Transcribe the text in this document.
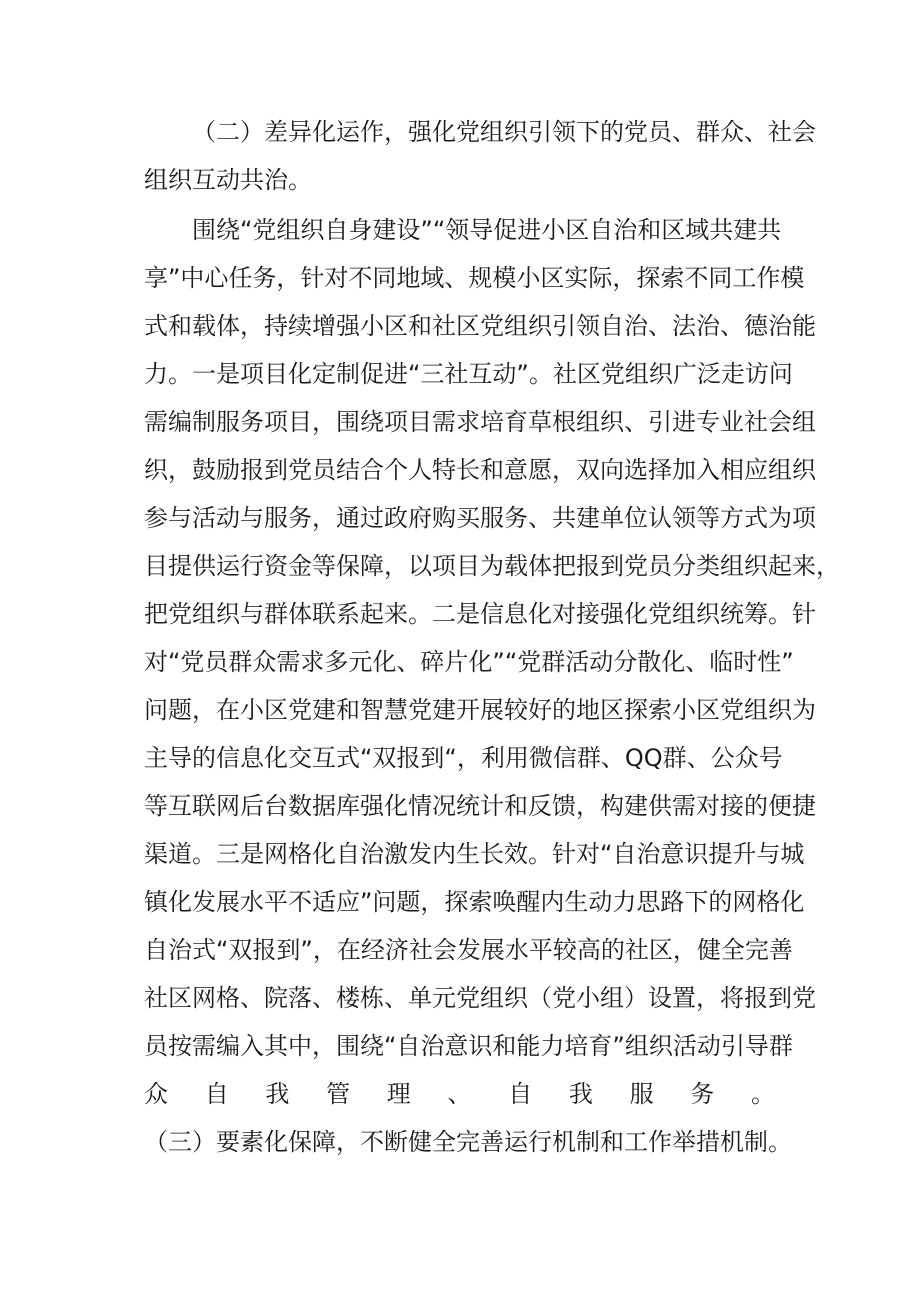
（二）差异化运作，强化党组织引领下的党员、群众、社会
组织互动共治。
围绕“党组织自身建设”“领导促进小区自治和区域共建共
享”中心任务，针对不同地域、规模小区实际，探索不同工作模
式和载体，持续增强小区和社区党组织引领自治、法治、德治能
力。一是项目化定制促进“三社互动”。社区党组织广泛走访问
需编制服务项目，围绕项目需求培育草根组织、引进专业社会组
织，鼓励报到党员结合个人特长和意愿，双向选择加入相应组织
参与活动与服务，通过政府购买服务、共建单位认领等方式为项
目提供运行资金等保障，以项目为载体把报到党员分类组织起来，
把党组织与群体联系起来。二是信息化对接强化党组织统筹。针
对“党员群众需求多元化、碎片化”“党群活动分散化、临时性”
问题，在小区党建和智慧党建开展较好的地区探索小区党组织为
主导的信息化交互式“双报到“，利用微信群、QQ群、公众号
等互联网后台数据库强化情况统计和反馈，构建供需对接的便捷
渠道。三是网格化自治激发内生长效。针对“自治意识提升与城
镇化发展水平不适应”问题，探索唤醒内生动力思路下的网格化
自治式“双报到”，在经济社会发展水平较高的社区，健全完善
社区网格、院落、楼栋、单元党组织（党小组）设置，将报到党
员按需编入其中，围绕“自治意识和能力培育”组织活动引导群
众自我管理、自我服务。
（三）要素化保障，不断健全完善运行机制和工作举措机制。
